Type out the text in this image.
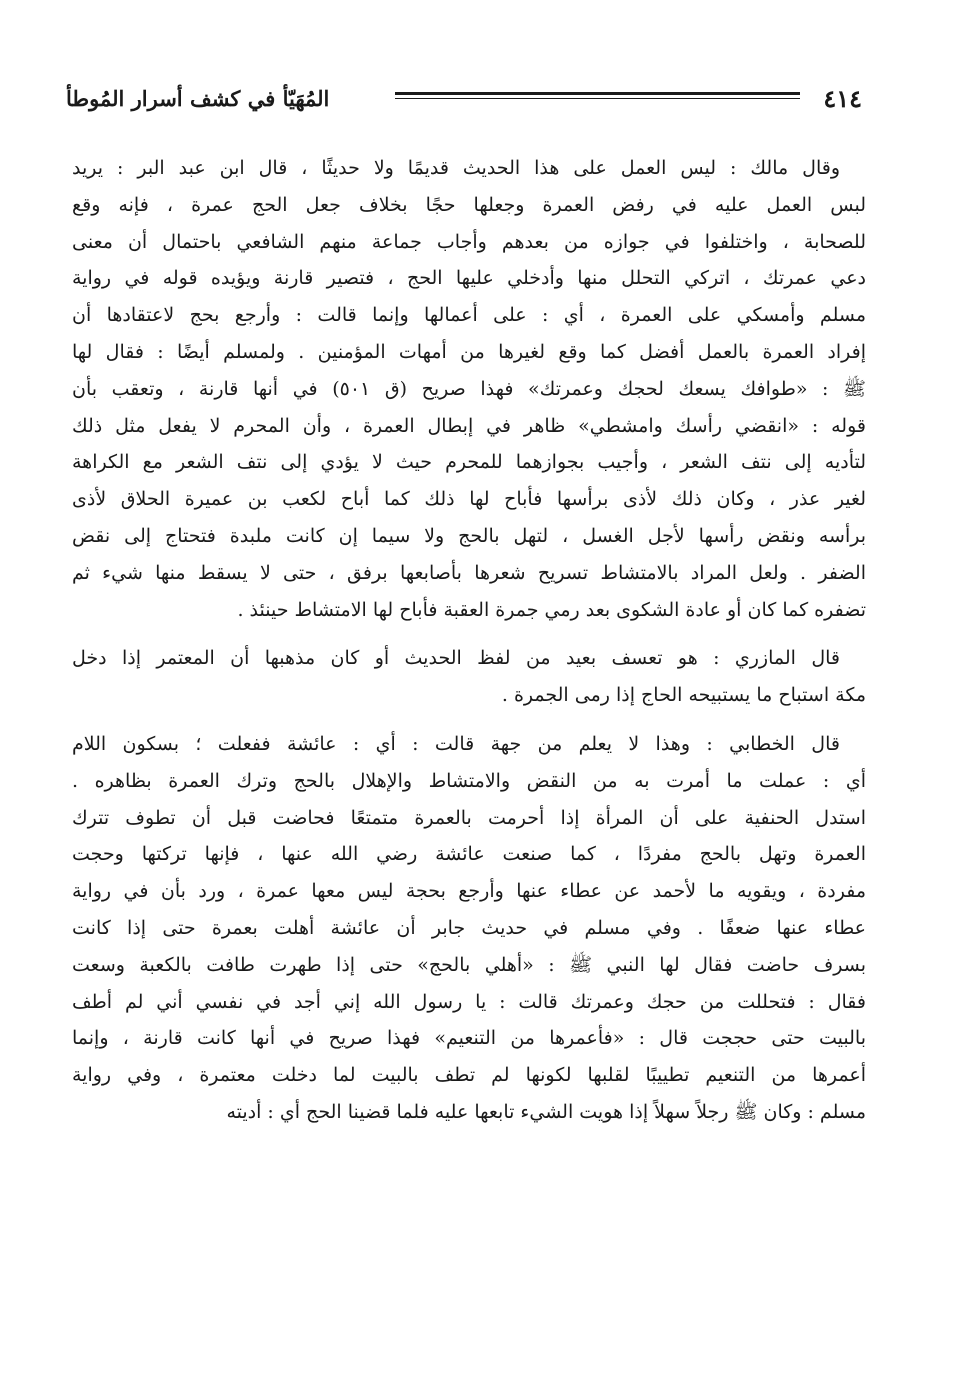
٤١٤
المُهَيّأ في كشف أسرار المُوطأ
وقال مالك : ليس العمل على هذا الحديث قديمًا ولا حديثًا ، قال ابن عبد البر : يريد
لبس العمل عليه في رفض العمرة وجعلها حجًا بخلاف جعل الحج عمرة ، فإنه وقع
للصحابة ، واختلفوا في جوازه من بعدهم وأجاب جماعة منهم الشافعي باحتمال أن معنى
دعي عمرتك ، اتركي التحلل منها وأدخلي عليها الحج ، فتصير قارنة ويؤيده قوله في رواية
مسلم وأمسكي على العمرة ، أي : على أعمالها وإنما قالت : وأرجع بحج لاعتقادها أن
إفراد العمرة بالعمل أفضل كما وقع لغيرها من أمهات المؤمنين . ولمسلم أيضًا : فقال لها
ﷺ : «طوافك يسعك لحجك وعمرتك» فهذا صريح (ق ٥٠١) في أنها قارنة ، وتعقب بأن
قوله : «انقضي رأسك وامشطي» ظاهر في إبطال العمرة ، وأن المحرم لا يفعل مثل ذلك
لتأديه إلى نتف الشعر ، وأجيب بجوازهما للمحرم حيث لا يؤدي إلى نتف الشعر مع الكراهة
لغير عذر ، وكان ذلك لأذى برأسها فأباح لها ذلك كما أباح لكعب بن عميرة الحلاق لأذى
برأسه ونقض رأسها لأجل الغسل ، لتهل بالحج ولا سيما إن كانت ملبدة فتحتاج إلى نقض
الضفر . ولعل المراد بالامتشاط تسريح شعرها بأصابعها برفق ، حتى لا يسقط منها شيء ثم
تضفره كما كان أو عادة الشكوى بعد رمي جمرة العقبة فأباح لها الامتشاط حينئذ .
قال المازري : هو تعسف بعيد من لفظ الحديث أو كان مذهبها أن المعتمر إذا دخل
مكة استباح ما يستبيحه الحاج إذا رمى الجمرة .
قال الخطابي : وهذا لا يعلم من جهة قالت : أي : عائشة ففعلت ؛ بسكون اللام
أي : عملت ما أمرت به من النقض والامتشاط والإهلال بالحج وترك العمرة بظاهره .
استدل الحنفية على أن المرأة إذا أحرمت بالعمرة متمتعًا فحاضت قبل أن تطوف تترك
العمرة وتهل بالحج مفردًا ، كما صنعت عائشة رضي الله عنها ، فإنها تركتها وحجت
مفردة ، ويقويه ما لأحمد عن عطاء عنها وأرجع بحجة ليس معها عمرة ، ورد بأن في رواية
عطاء عنها ضعفًا . وفي مسلم في حديث جابر أن عائشة أهلت بعمرة حتى إذا كانت
بسرف حاضت فقال لها النبي ﷺ : «أهلي بالحج» حتى إذا طهرت طافت بالكعبة وسعت
فقال : فتحللت من حجك وعمرتك قالت : يا رسول الله إني أجد في نفسي أني لم أطف
بالبيت حتى حججت قال : «فأعمرها من التنعيم» فهذا صريح في أنها كانت قارنة ، وإنما
أعمرها من التنعيم تطييبًا لقلبها لكونها لم تطف بالبيت لما دخلت معتمرة ، وفي رواية
مسلم : وكان ﷺ رجلاً سهلاً إذا هويت الشيء تابعها عليه فلما قضينا الحج أي : أديته
